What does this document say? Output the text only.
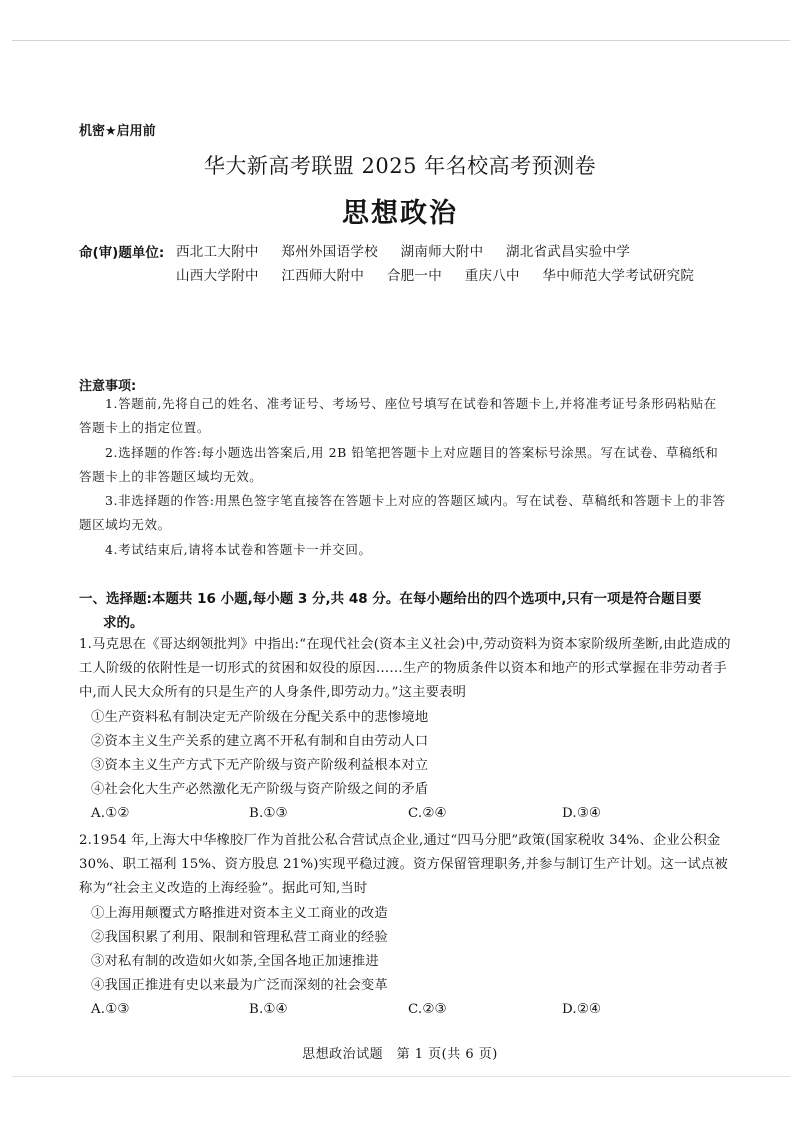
机密★启用前
华大新高考联盟 2025 年名校高考预测卷
思想政治
命(审)题单位: 西北工大附中 郑州外国语学校 湖南师大附中 湖北省武昌实验中学
山西大学附中 江西师大附中 合肥一中 重庆八中 华中师范大学考试研究院
注意事项:

1.答题前,先将自己的姓名、准考证号、考场号、座位号填写在试卷和答题卡上,并将准考证号条形码粘贴在答题卡上的指定位置。

2.选择题的作答:每小题选出答案后,用 2B 铅笔把答题卡上对应题目的答案标号涂黑。写在试卷、草稿纸和答题卡上的非答题区域均无效。

3.非选择题的作答:用黑色签字笔直接答在答题卡上对应的答题区域内。写在试卷、草稿纸和答题卡上的非答题区域均无效。

4.考试结束后,请将本试卷和答题卡一并交回。

一、选择题:本题共 16 小题,每小题 3 分,共 48 分。在每小题给出的四个选项中,只有一项是符合题目要
求的。

1.马克思在《哥达纲领批判》中指出:“在现代社会(资本主义社会)中,劳动资料为资本家阶级所垄断,由此造成的工人阶级的依附性是一切形式的贫困和奴役的原因……生产的物质条件以资本和地产的形式掌握在非劳动者手中,而人民大众所有的只是生产的人身条件,即劳动力。”这主要表明

①生产资料私有制决定无产阶级在分配关系中的悲惨境地
②资本主义生产关系的建立离不开私有制和自由劳动人口
③资本主义生产方式下无产阶级与资产阶级利益根本对立
④社会化大生产必然激化无产阶级与资产阶级之间的矛盾
A.①②	B.①③	C.②④	D.③④

2.1954 年,上海大中华橡胶厂作为首批公私合营试点企业,通过“四马分肥”政策(国家税收 34%、企业公积金 30%、职工福利 15%、资方股息 21%)实现平稳过渡。资方保留管理职务,并参与制订生产计划。这一试点被称为“社会主义改造的上海经验”。据此可知,当时

①上海用颠覆式方略推进对资本主义工商业的改造
②我国积累了利用、限制和管理私营工商业的经验
③对私有制的改造如火如荼,全国各地正加速推进
④我国正推进有史以来最为广泛而深刻的社会变革
A.①③	B.①④	C.②③	D.②④
思想政治试题　第 1 页(共 6 页)
